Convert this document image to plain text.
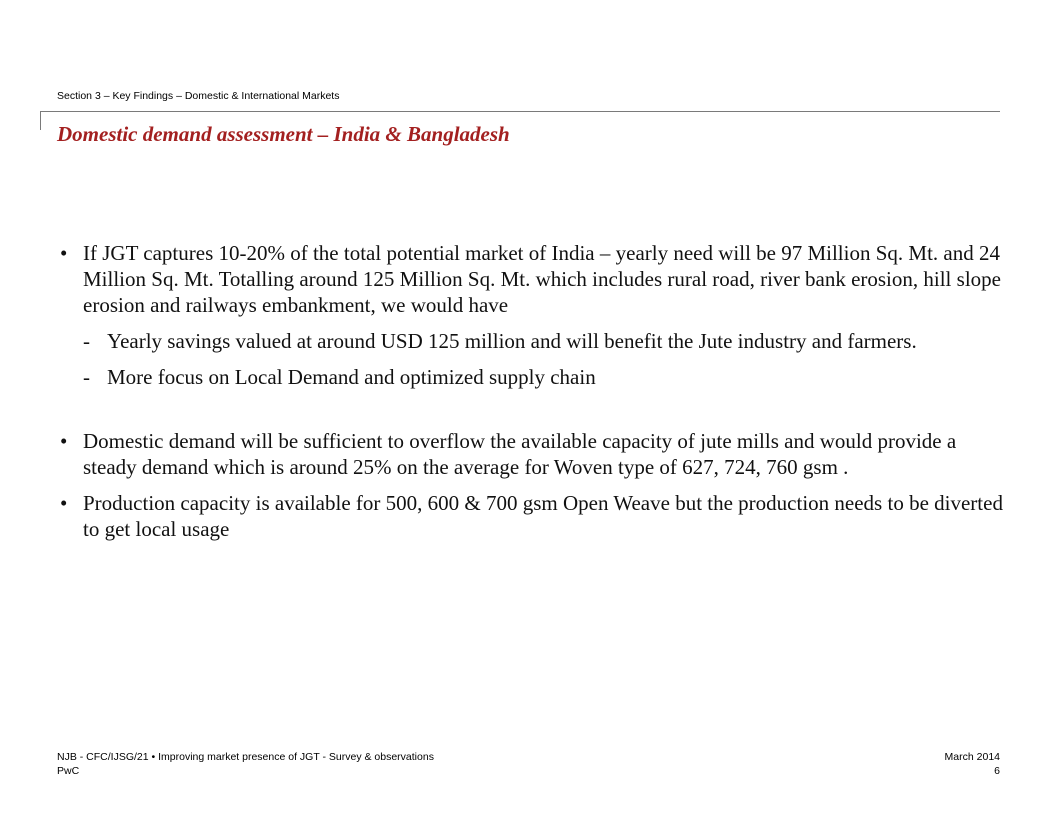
Section 3 – Key Findings – Domestic & International Markets
Domestic demand assessment – India & Bangladesh
• If JGT captures 10-20% of the total potential market of India – yearly need will be 97 Million Sq. Mt. and 24 Million Sq. Mt. Totalling around 125 Million Sq. Mt. which includes rural road, river bank erosion, hill slope erosion and railways embankment, we would have
- Yearly savings valued at around USD 125 million and will benefit the Jute industry and farmers.
- More focus on Local Demand and optimized supply chain
• Domestic demand will be sufficient to overflow the available capacity of jute mills and would provide a steady demand which is around 25% on the average for Woven type of 627, 724, 760 gsm .
• Production capacity is available for 500, 600 & 700 gsm Open Weave but the production needs to be diverted to get local usage
NJB - CFC/IJSG/21 • Improving market presence of JGT - Survey & observations
PwC
March 2014
6
